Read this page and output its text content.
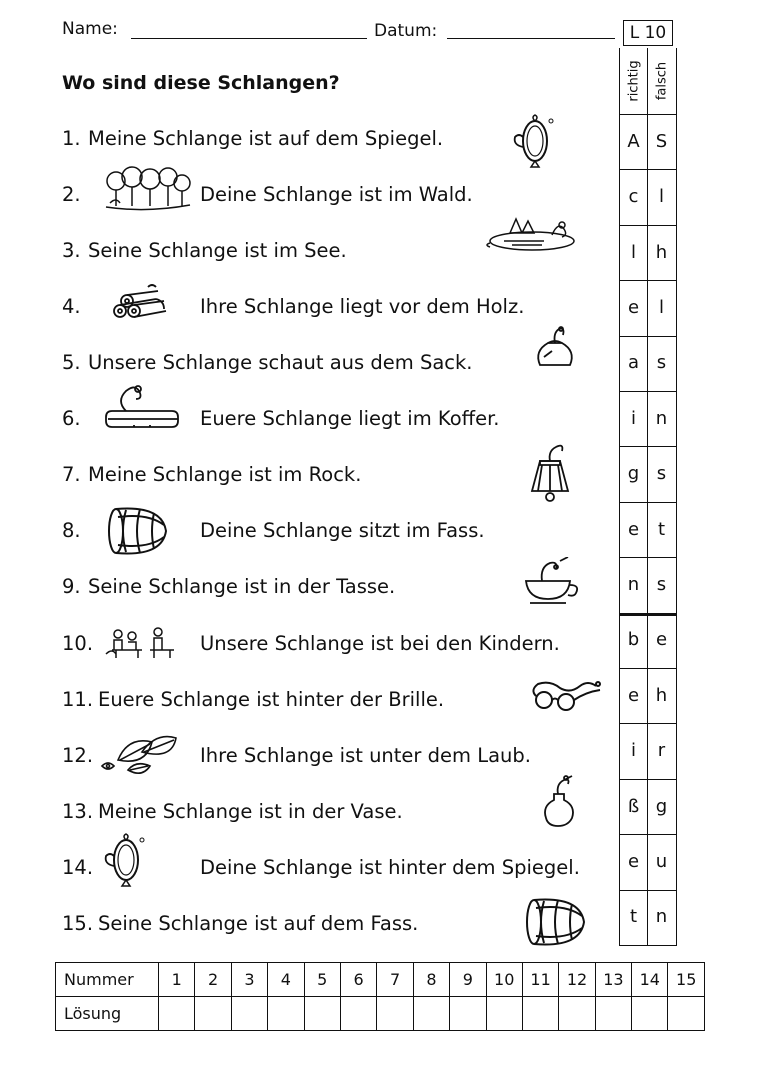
Name:	Datum:	L 10
Wo sind diese Schlangen?	richtig falsch
A S
c	l
l	h
e	l
a s
i	n
g s
e	t
n s
b e
e h
i	r
ß g
e u
t	n
1. Meine Schlange ist auf dem Spiegel.
2.	Deine Schlange ist im Wald.
3. Seine Schlange ist im See.
4.	Ihre Schlange liegt vor dem Holz.
5. Unsere Schlange schaut aus dem Sack.
6.	Euere Schlange liegt im Koffer.
7. Meine Schlange ist im Rock.
8.	Deine Schlange sitzt im Fass.
9. Seine Schlange ist in der Tasse.
10.	Unsere Schlange ist bei den Kindern.
11. Euere Schlange ist hinter der Brille.
12.	Ihre Schlange ist unter dem Laub.
13. Meine Schlange ist in der Vase.
14.	Deine Schlange ist hinter dem Spiegel.
15. Seine Schlange ist auf dem Fass.
Nummer	1	2	3	4	5	6	7	8	9	10	11	12	13	14	15
Lösung															
